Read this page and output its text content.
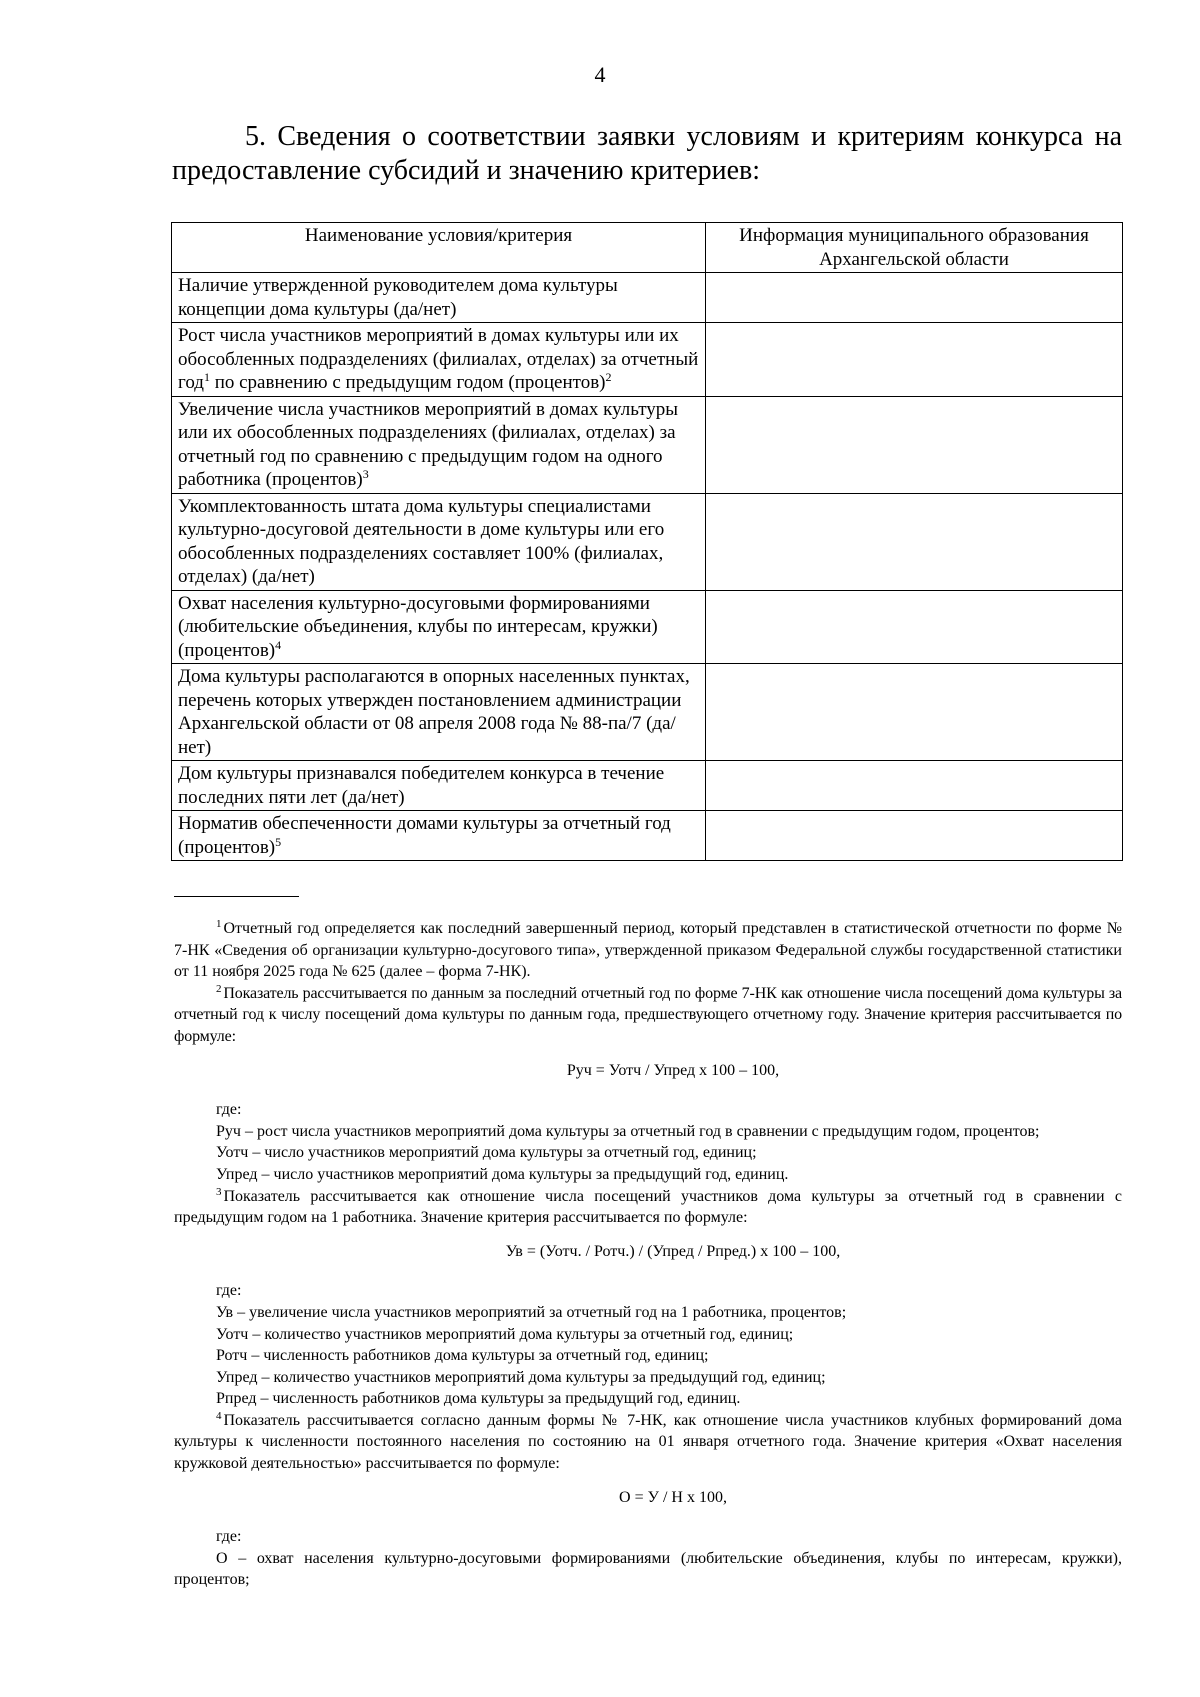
4
5. Сведения о соответствии заявки условиям и критериям конкурса на предоставление субсидий и значению критериев:
Наименование условия/критерия	Информация муниципального образования Архангельской области
Наличие утвержденной руководителем дома культуры концепции дома культуры (да/нет)	
Рост числа участников мероприятий в домах культуры или их обособленных подразделениях (филиалах, отделах) за отчетный год$^1$ по сравнению с предыдущим годом (процентов)$^2$	
Увеличение числа участников мероприятий в домах культуры или их обособленных подразделениях (филиалах, отделах) за отчетный год по сравнению с предыдущим годом на одного работника (процентов)$^3$	
Укомплектованность штата дома культуры специалистами культурно-досуговой деятельности в доме культуры или его обособленных подразделениях составляет 100% (филиалах, отделах) (да/нет)	
Охват населения культурно-досуговыми формированиями (любительские объединения, клубы по интересам, кружки) (процентов)$^4$	
Дома культуры располагаются в опорных населенных пунктах, перечень которых утвержден постановлением администрации Архангельской области от 08 апреля 2008 года № 88-па/7 (да/нет)	
Дом культуры признавался победителем конкурса в течение последних пяти лет (да/нет)	
Норматив обеспеченности домами культуры за отчетный год (процентов)$^5$	

$^1$ Отчетный год определяется как последний завершенный период, который представлен в статистической отчетности по форме № 7-НК «Сведения об организации культурно-досугового типа», утвержденной приказом Федеральной службы государственной статистики от 11 ноября 2025 года № 625 (далее – форма 7-НК).

$^2$ Показатель рассчитывается по данным за последний отчетный год по форме 7-НК как отношение числа посещений дома культуры за отчетный год к числу посещений дома культуры по данным года, предшествующего отчетному году. Значение критерия рассчитывается по формуле:

Руч = Уотч / Упред х 100 – 100,

где:

Руч – рост числа участников мероприятий дома культуры за отчетный год в сравнении с предыдущим годом, процентов;

Уотч – число участников мероприятий дома культуры за отчетный год, единиц;

Упред – число участников мероприятий дома культуры за предыдущий год, единиц.

$^3$ Показатель рассчитывается как отношение числа посещений участников дома культуры за отчетный год в сравнении с предыдущим годом на 1 работника. Значение критерия рассчитывается по формуле:

Ув = (Уотч. / Ротч.) / (Упред / Рпред.) х 100 – 100,

где:

Ув – увеличение числа участников мероприятий за отчетный год на 1 работника, процентов;

Уотч – количество участников мероприятий дома культуры за отчетный год, единиц;

Ротч – численность работников дома культуры за отчетный год, единиц;

Упред – количество участников мероприятий дома культуры за предыдущий год, единиц;

Рпред – численность работников дома культуры за предыдущий год, единиц.

$^4$ Показатель рассчитывается согласно данным формы № 7-НК, как отношение числа участников клубных формирований дома культуры к численности постоянного населения по состоянию на 01 января отчетного года. Значение критерия «Охват населения кружковой деятельностью» рассчитывается по формуле:

О = У / Н х 100,

где:

О – охват населения культурно-досуговыми формированиями (любительские объединения, клубы по интересам, кружки), процентов;
